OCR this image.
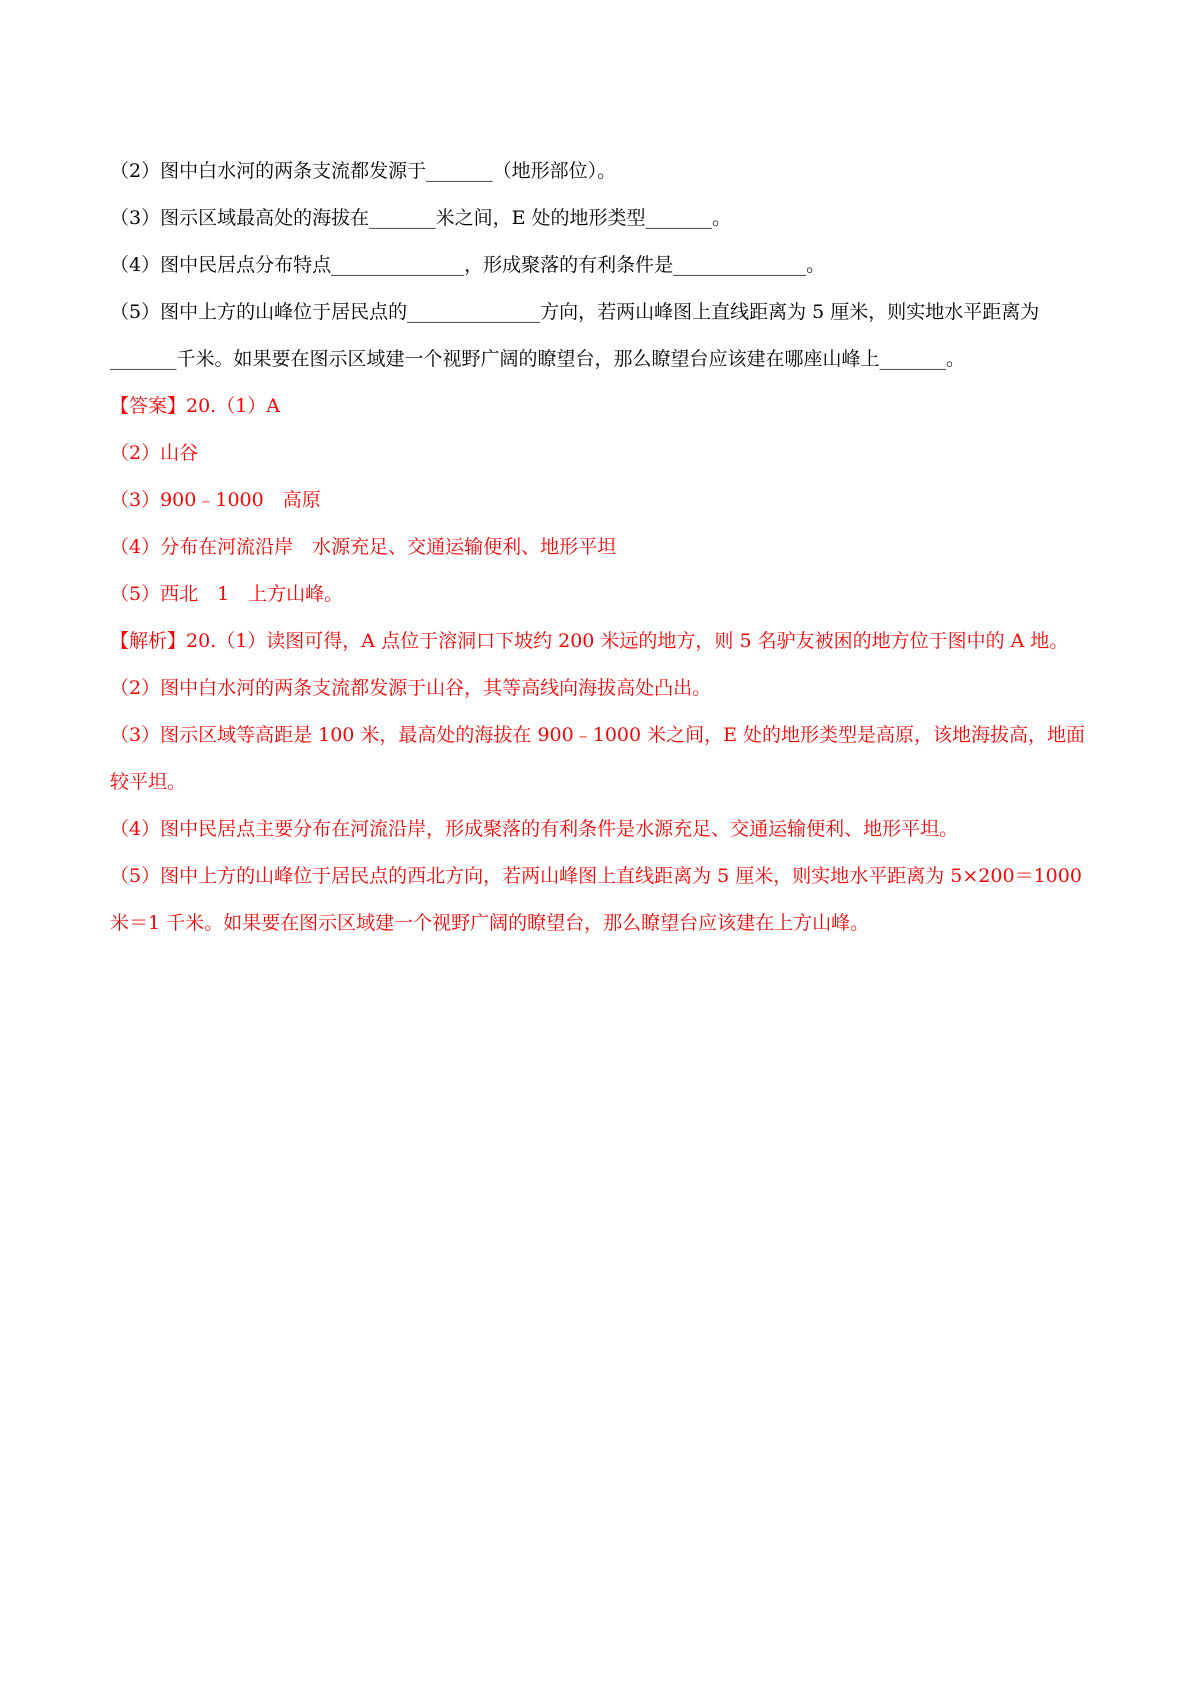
（2）图中白水河的两条支流都发源于_______（地形部位）。

（3）图示区域最高处的海拔在_______米之间，E 处的地形类型_______。

（4）图中民居点分布特点______________，形成聚落的有利条件是______________。

（5）图中上方的山峰位于居民点的______________方向，若两山峰图上直线距离为 5 厘米，则实地水平距离为_______千米。如果要在图示区域建一个视野广阔的瞭望台，那么瞭望台应该建在哪座山峰上_______。

【答案】20.（1）A

（2）山谷

（3）900﹣1000　高原

（4）分布在河流沿岸　水源充足、交通运输便利、地形平坦

（5）西北　1　上方山峰。

【解析】20.（1）读图可得，A 点位于溶洞口下坡约 200 米远的地方，则 5 名驴友被困的地方位于图中的 A 地。

（2）图中白水河的两条支流都发源于山谷，其等高线向海拔高处凸出。

（3）图示区域等高距是 100 米，最高处的海拔在 900﹣1000 米之间，E 处的地形类型是高原，该地海拔高，地面较平坦。

（4）图中民居点主要分布在河流沿岸，形成聚落的有利条件是水源充足、交通运输便利、地形平坦。

（5）图中上方的山峰位于居民点的西北方向，若两山峰图上直线距离为 5 厘米，则实地水平距离为 5×200＝1000 米＝1 千米。如果要在图示区域建一个视野广阔的瞭望台，那么瞭望台应该建在上方山峰。
